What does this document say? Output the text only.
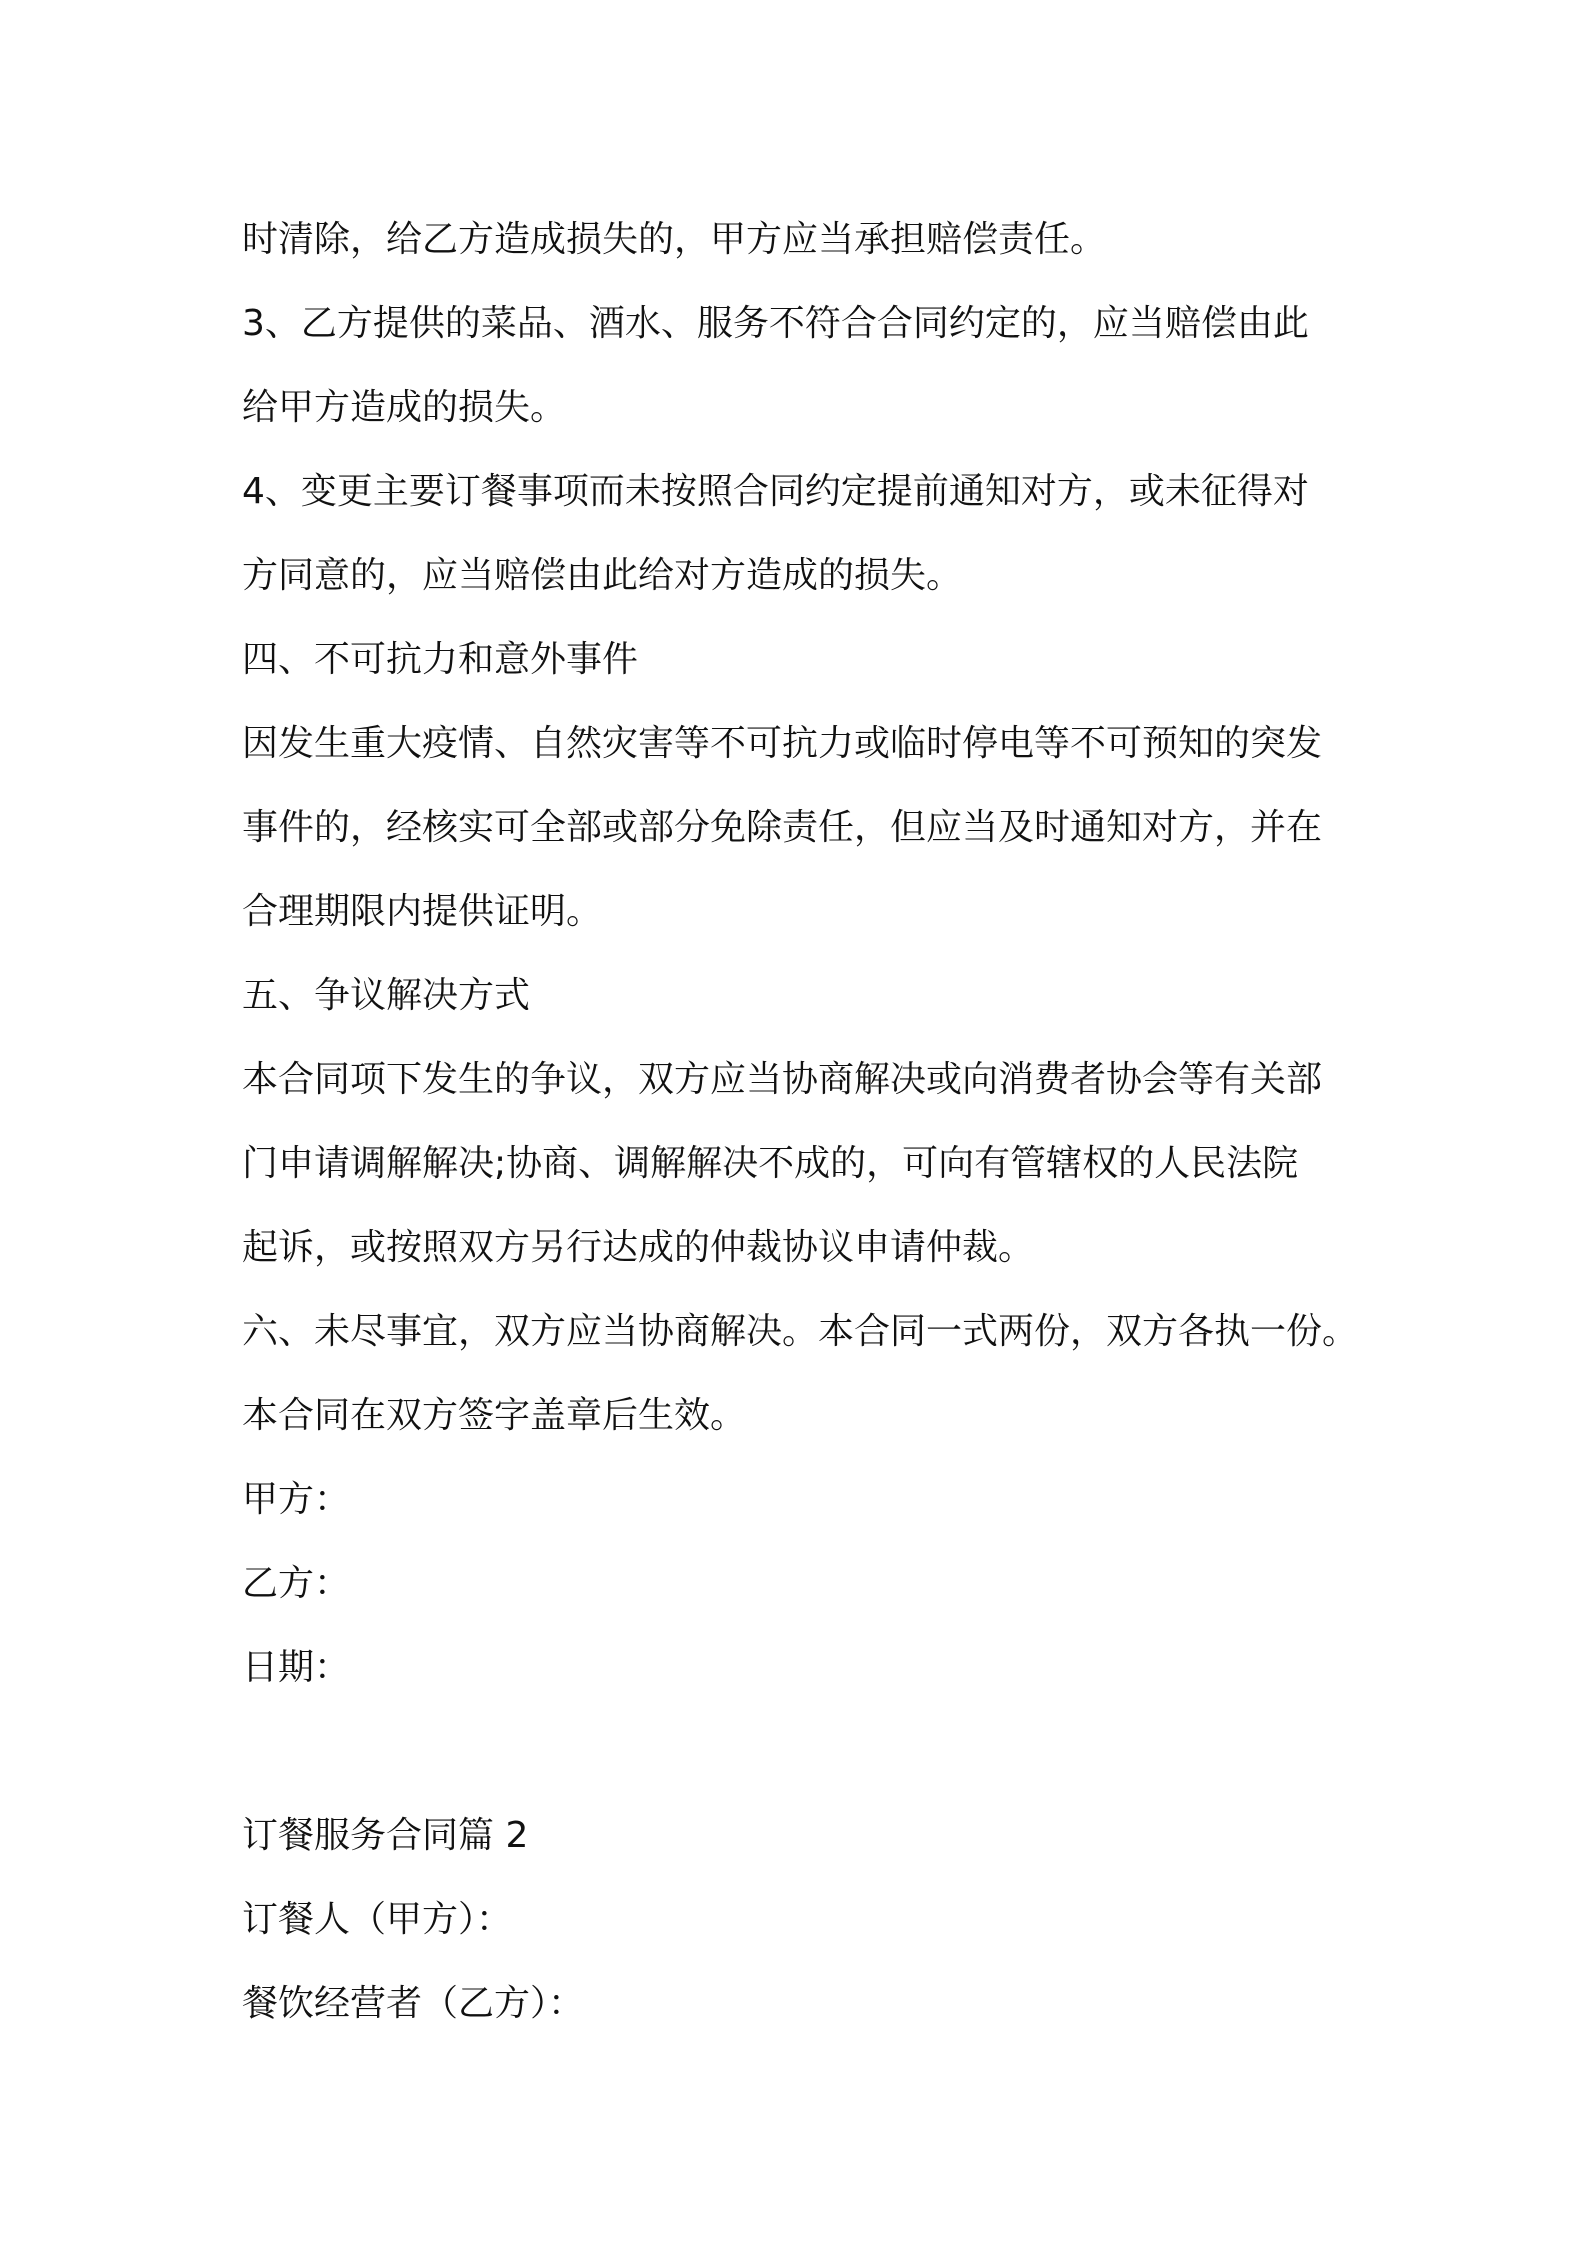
时清除，给乙方造成损失的，甲方应当承担赔偿责任。
3、乙方提供的菜品、酒水、服务不符合合同约定的，应当赔偿由此
给甲方造成的损失。
4、变更主要订餐事项而未按照合同约定提前通知对方，或未征得对
方同意的，应当赔偿由此给对方造成的损失。
四、不可抗力和意外事件
因发生重大疫情、自然灾害等不可抗力或临时停电等不可预知的突发
事件的，经核实可全部或部分免除责任，但应当及时通知对方，并在
合理期限内提供证明。
五、争议解决方式
本合同项下发生的争议，双方应当协商解决或向消费者协会等有关部
门申请调解解决;协商、调解解决不成的，可向有管辖权的人民法院
起诉，或按照双方另行达成的仲裁协议申请仲裁。
六、未尽事宜，双方应当协商解决。本合同一式两份，双方各执一份。
本合同在双方签字盖章后生效。
甲方：
乙方：
日期：
订餐服务合同篇 2
订餐人（甲方）：
餐饮经营者（乙方）：
